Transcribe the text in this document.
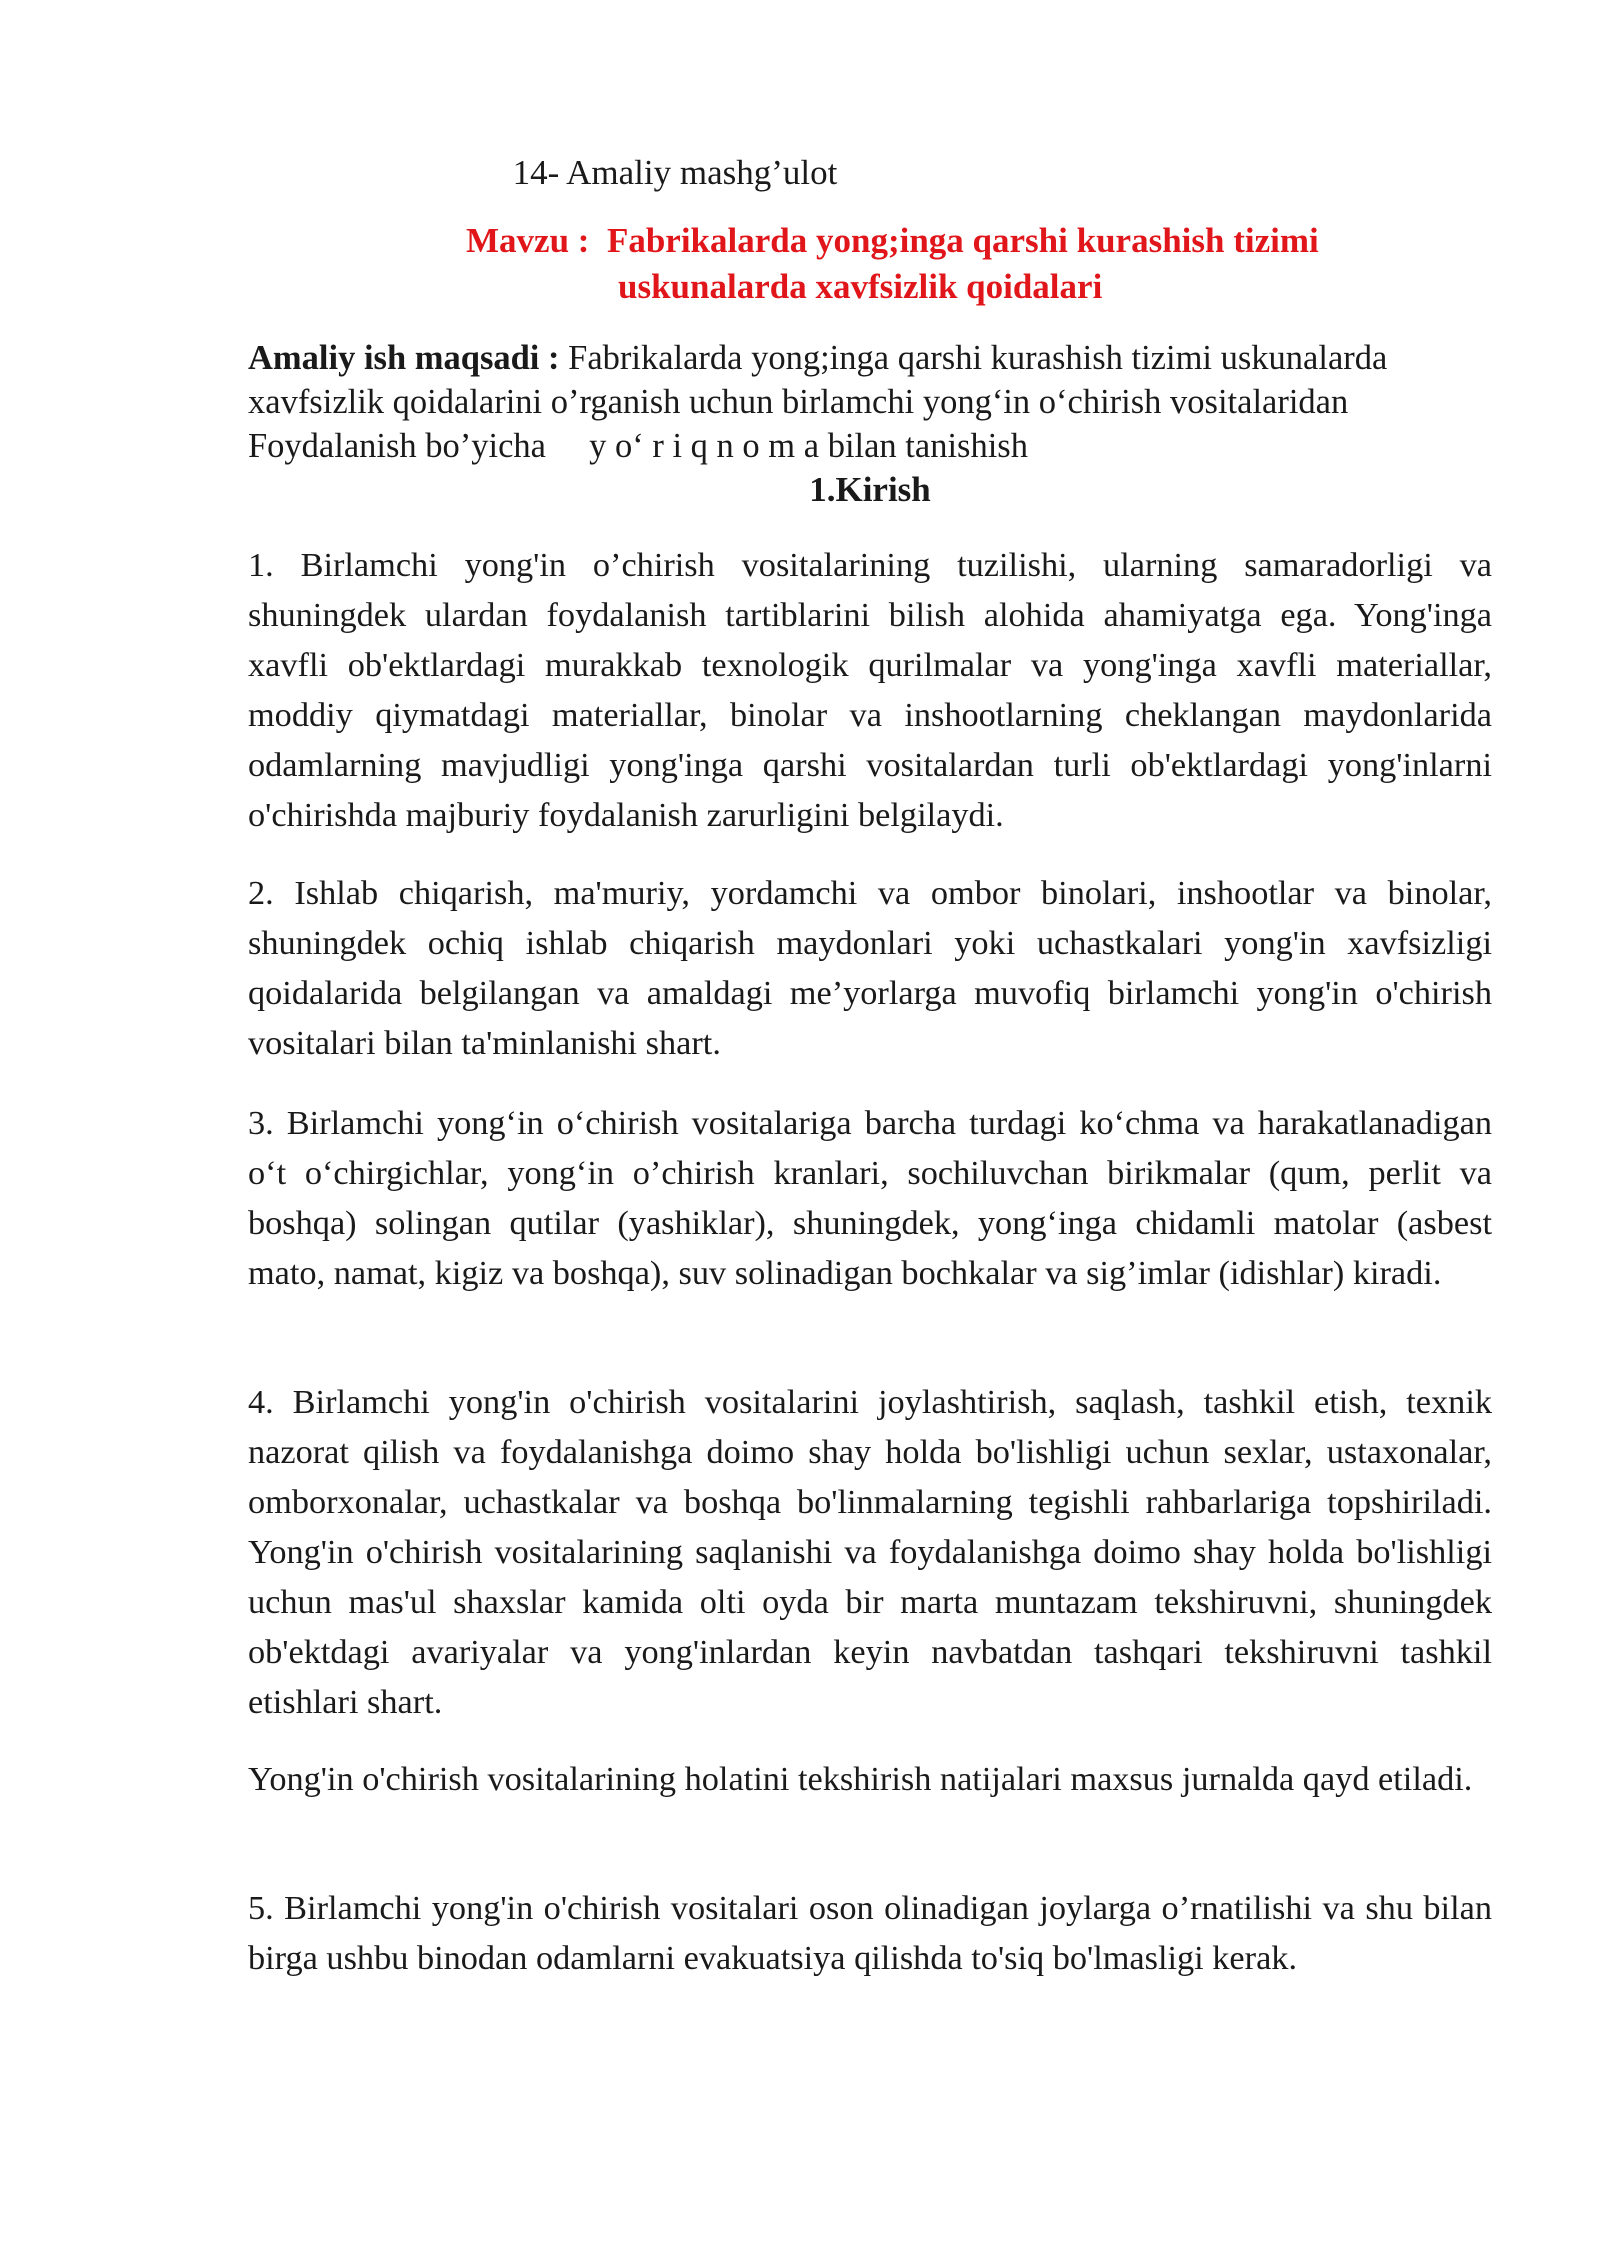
14- Amaliy mashg’ulot
Mavzu : Fabrikalarda yong;inga qarshi kurashish tizimi
uskunalarda xavfsizlik qoidalari
Amaliy ish maqsadi : Fabrikalarda yong;inga qarshi kurashish tizimi uskunalarda
xavfsizlik qoidalarini o’rganish uchun birlamchi yong‘in o‘chirish vositalaridan
Foydalanish bo’yicha     y o‘ r i q n o m a bilan tanishish
1.Kirish

1. Birlamchi yong'in o’chirish vositalarining tuzilishi, ularning samaradorligi va shuningdek ulardan foydalanish tartiblarini bilish alohida ahamiyatga ega. Yong'inga xavfli ob'ektlardagi murakkab texnologik qurilmalar va yong'inga xavfli materiallar, moddiy qiymatdagi materiallar, binolar va inshootlarning cheklangan maydonlarida odamlarning mavjudligi yong'inga qarshi vositalardan turli ob'ektlardagi yong'inlarni o'chirishda majburiy foydalanish zarurligini belgilaydi.

2. Ishlab chiqarish, ma'muriy, yordamchi va ombor binolari, inshootlar va binolar, shuningdek ochiq ishlab chiqarish maydonlari yoki uchastkalari yong'in xavfsizligi qoidalarida belgilangan va amaldagi me’yorlarga muvofiq birlamchi yong'in o'chirish vositalari bilan ta'minlanishi shart.

3. Birlamchi yong‘in o‘chirish vositalariga barcha turdagi ko‘chma va harakatlanadigan o‘t o‘chirgichlar, yong‘in o’chirish kranlari, sochiluvchan birikmalar (qum, perlit va boshqa) solingan qutilar (yashiklar), shuningdek, yong‘inga chidamli matolar (asbest mato, namat, kigiz va boshqa), suv solinadigan bochkalar va sig’imlar (idishlar) kiradi.

4. Birlamchi yong'in o'chirish vositalarini joylashtirish, saqlash, tashkil etish, texnik nazorat qilish va foydalanishga doimo shay holda bo'lishligi uchun sexlar, ustaxonalar, omborxonalar, uchastkalar va boshqa bo'linmalarning tegishli rahbarlariga topshiriladi. Yong'in o'chirish vositalarining saqlanishi va foydalanishga doimo shay holda bo'lishligi uchun mas'ul shaxslar kamida olti oyda bir marta muntazam tekshiruvni, shuningdek ob'ektdagi avariyalar va yong'inlardan keyin navbatdan tashqari tekshiruvni tashkil etishlari shart.

Yong'in o'chirish vositalarining holatini tekshirish natijalari maxsus jurnalda qayd etiladi.

5. Birlamchi yong'in o'chirish vositalari oson olinadigan joylarga o’rnatilishi va shu bilan birga ushbu binodan odamlarni evakuatsiya qilishda to'siq bo'lmasligi kerak.
